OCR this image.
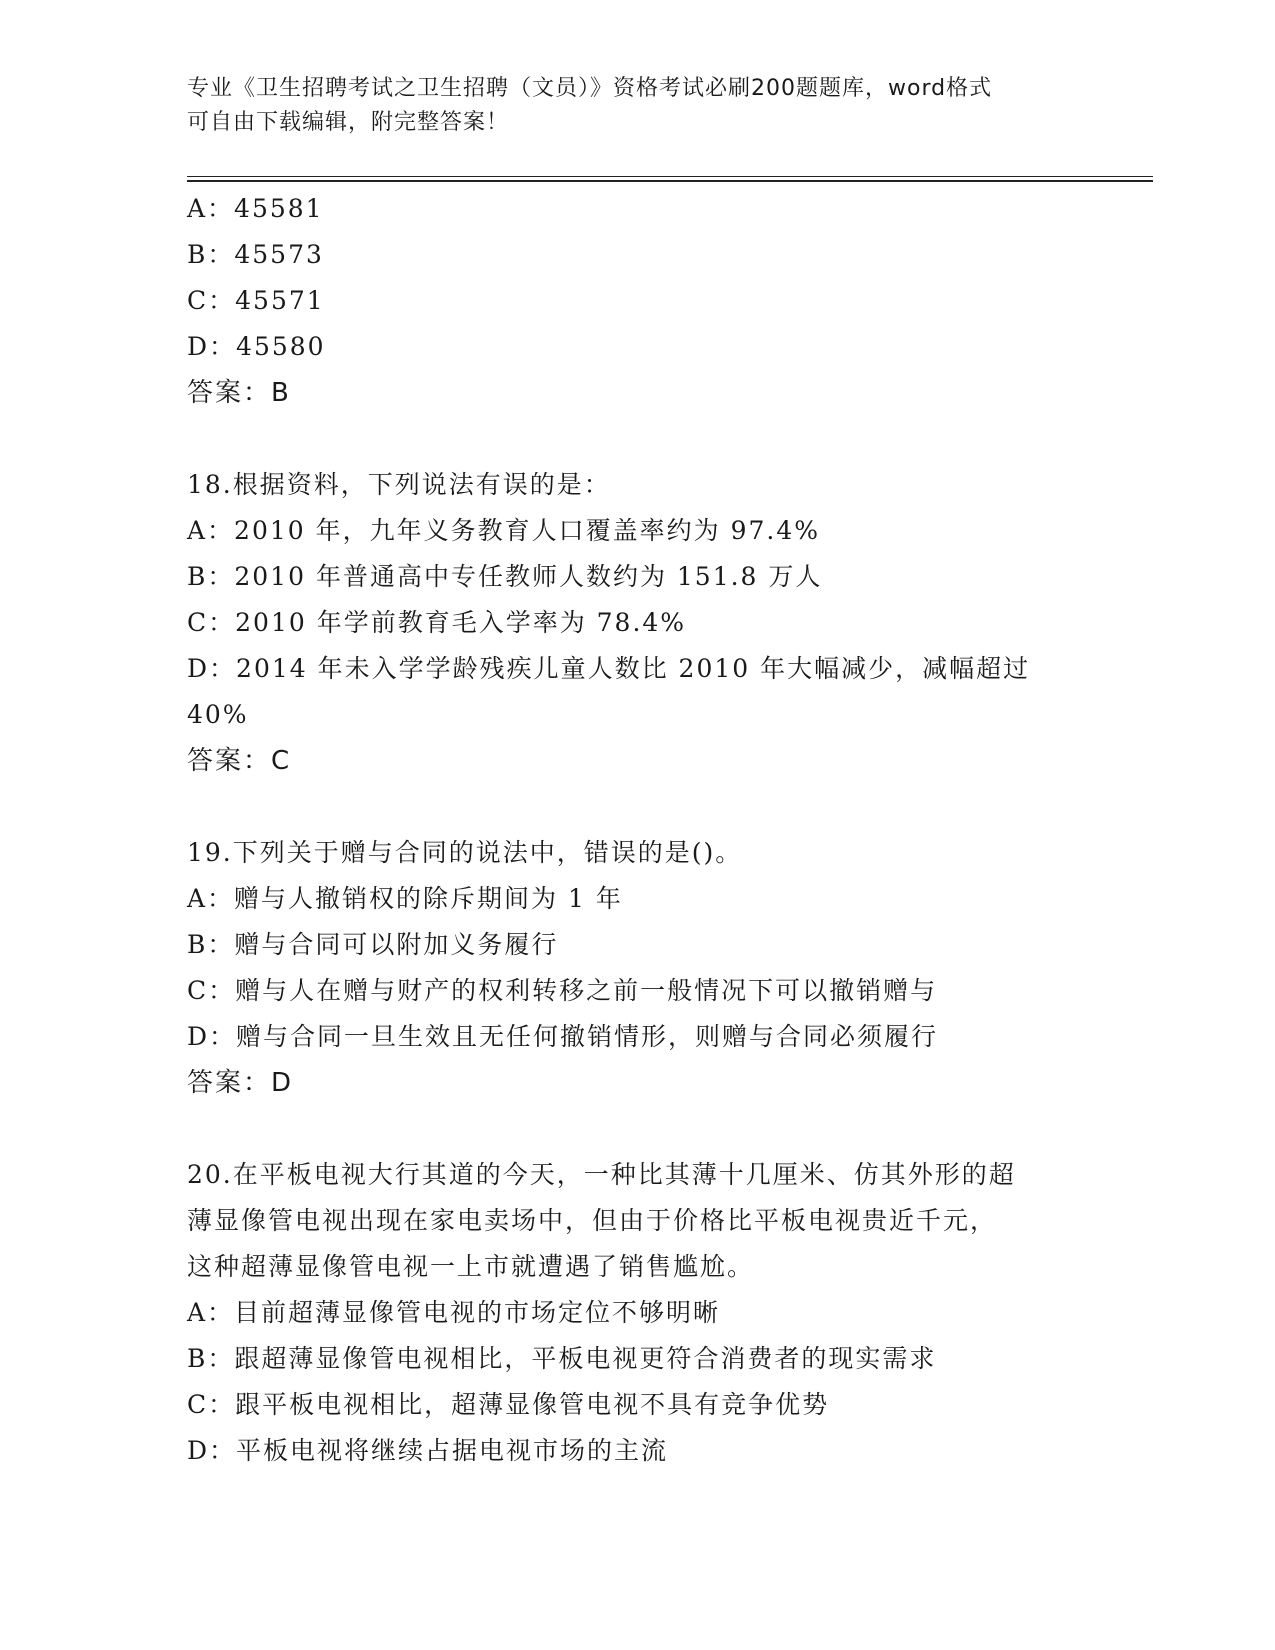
专业《卫生招聘考试之卫生招聘（文员）》资格考试必刷200题题库，word格式
可自由下载编辑，附完整答案！
A：45581
B：45573
C：45571
D：45580
答案：B
18.根据资料，下列说法有误的是：
A：2010 年，九年义务教育人口覆盖率约为 97.4%
B：2010 年普通高中专任教师人数约为 151.8 万人
C：2010 年学前教育毛入学率为 78.4%
D：2014 年未入学学龄残疾儿童人数比 2010 年大幅减少，减幅超过
40%
答案：C
19.下列关于赠与合同的说法中，错误的是()。
A：赠与人撤销权的除斥期间为 1 年
B：赠与合同可以附加义务履行
C：赠与人在赠与财产的权利转移之前一般情况下可以撤销赠与
D：赠与合同一旦生效且无任何撤销情形，则赠与合同必须履行
答案：D
20.在平板电视大行其道的今天，一种比其薄十几厘米、仿其外形的超
薄显像管电视出现在家电卖场中，但由于价格比平板电视贵近千元，
这种超薄显像管电视一上市就遭遇了销售尴尬。
A：目前超薄显像管电视的市场定位不够明晰
B：跟超薄显像管电视相比，平板电视更符合消费者的现实需求
C：跟平板电视相比，超薄显像管电视不具有竞争优势
D：平板电视将继续占据电视市场的主流
